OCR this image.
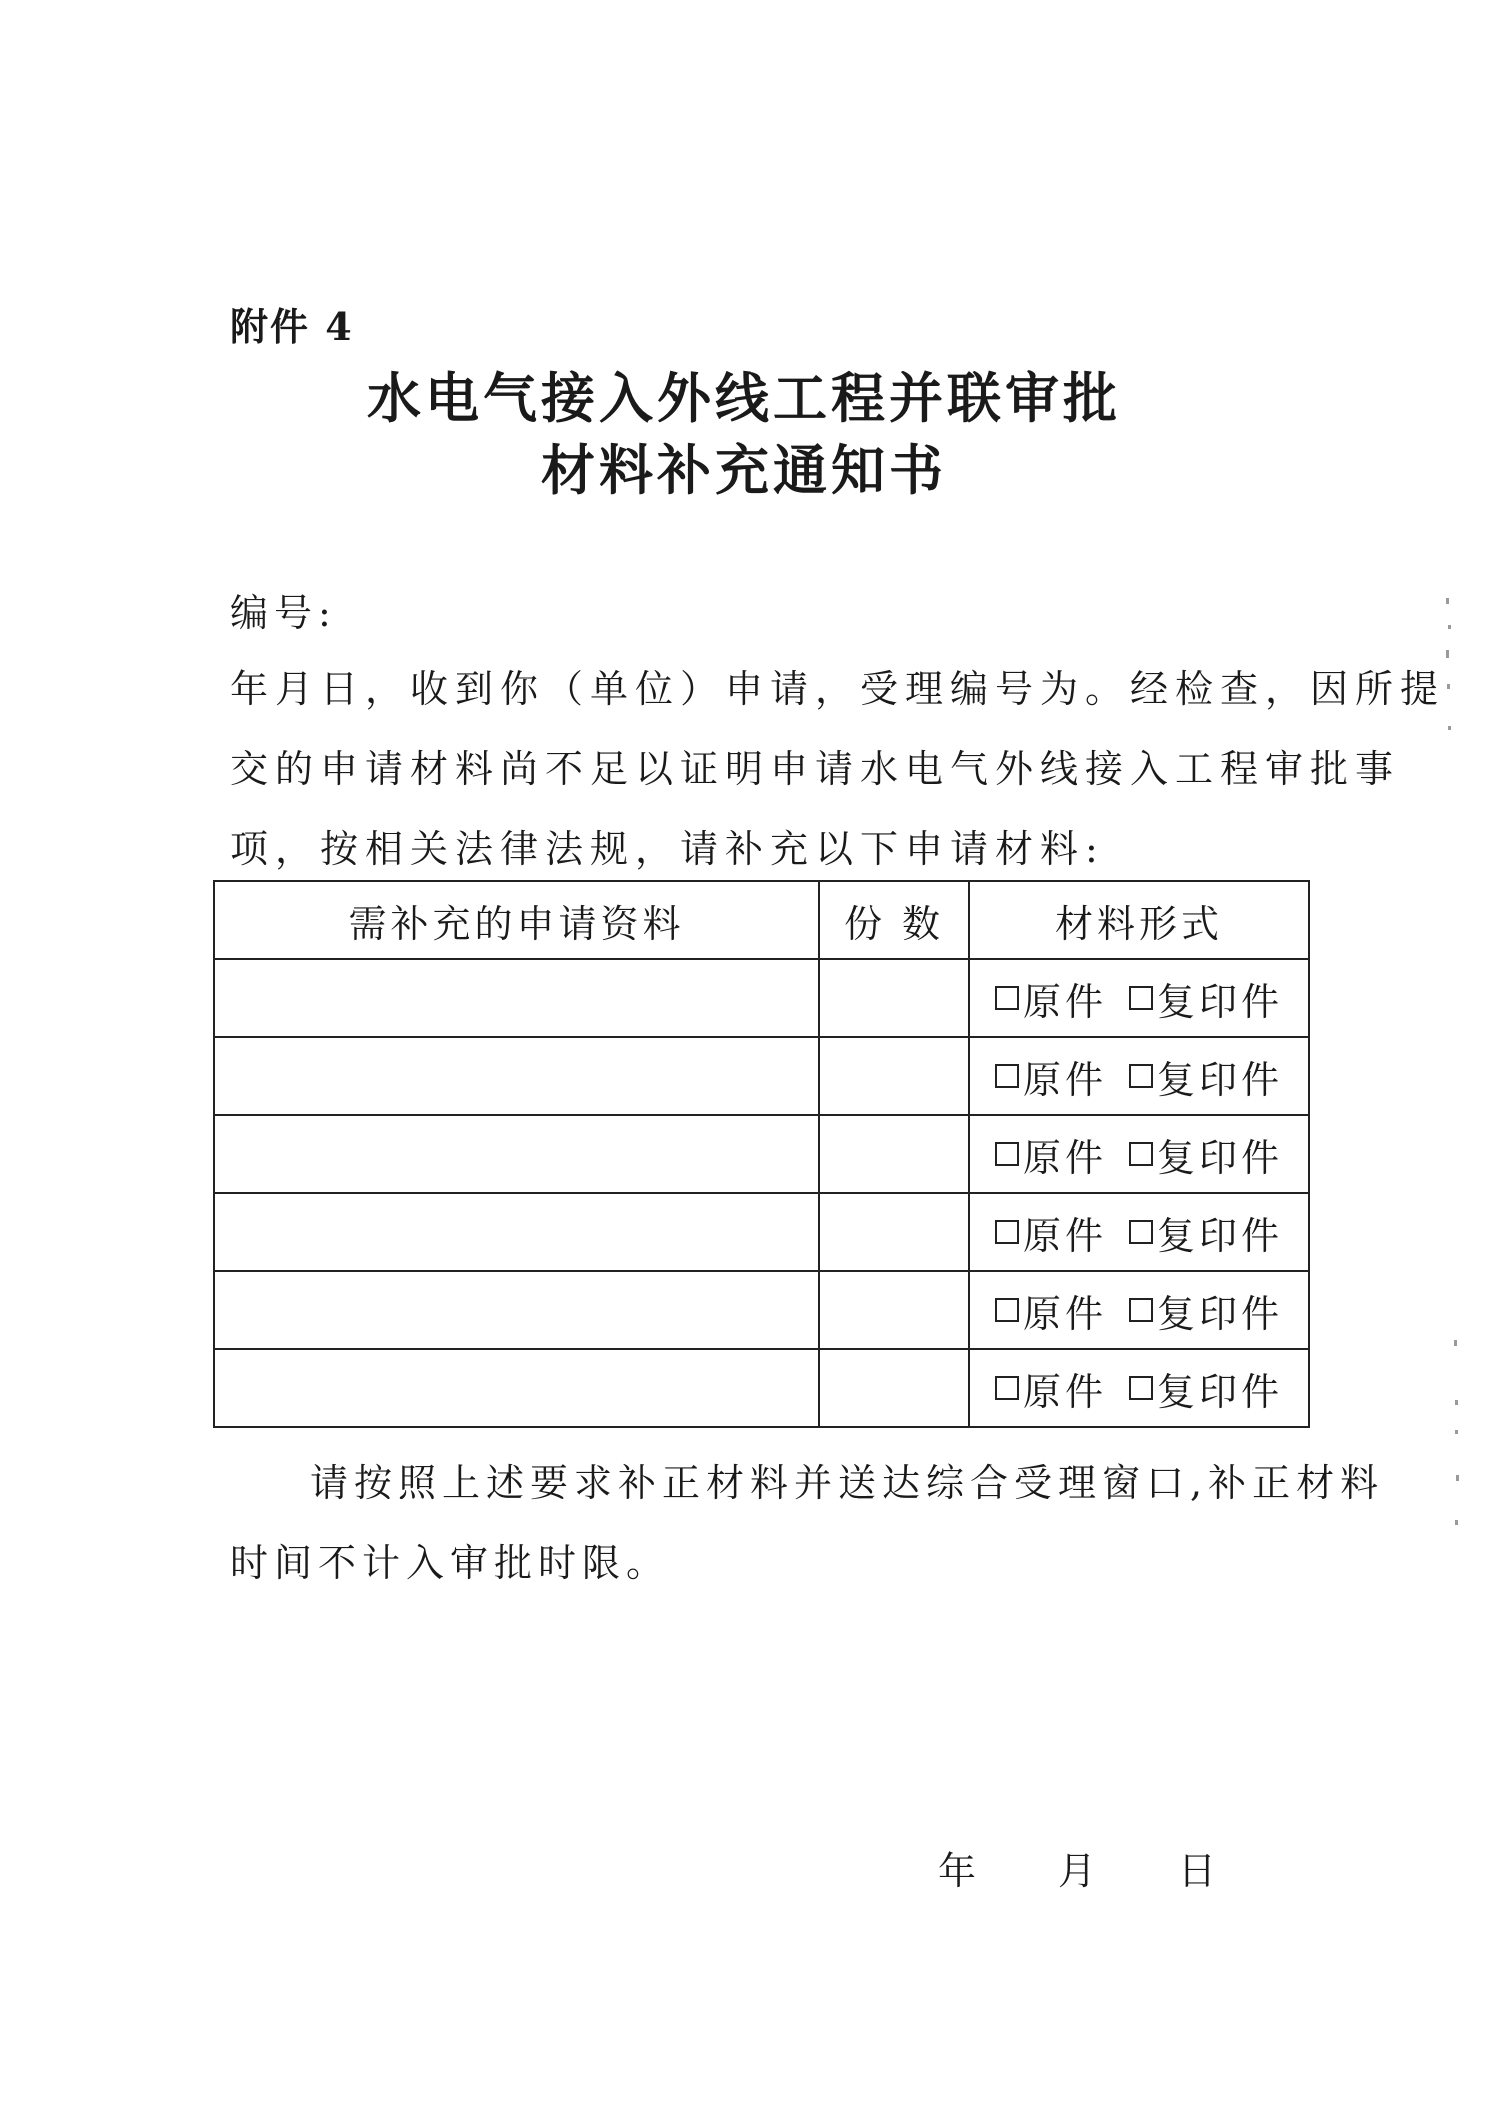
附件 4
水电气接入外线工程并联审批
材料补充通知书
编号:
年月日，收到你（单位）申请，受理编号为。经检查，因所提
交的申请材料尚不足以证明申请水电气外线接入工程审批事
项，按相关法律法规，请补充以下申请材料:
需补充的申请资料	份 数	材料形式

		原件 复印件

		原件 复印件

		原件 复印件

		原件 复印件

		原件 复印件

		原件 复印件
请按照上述要求补正材料并送达综合受理窗口,补正材料
时间不计入审批时限。
年 月 日
